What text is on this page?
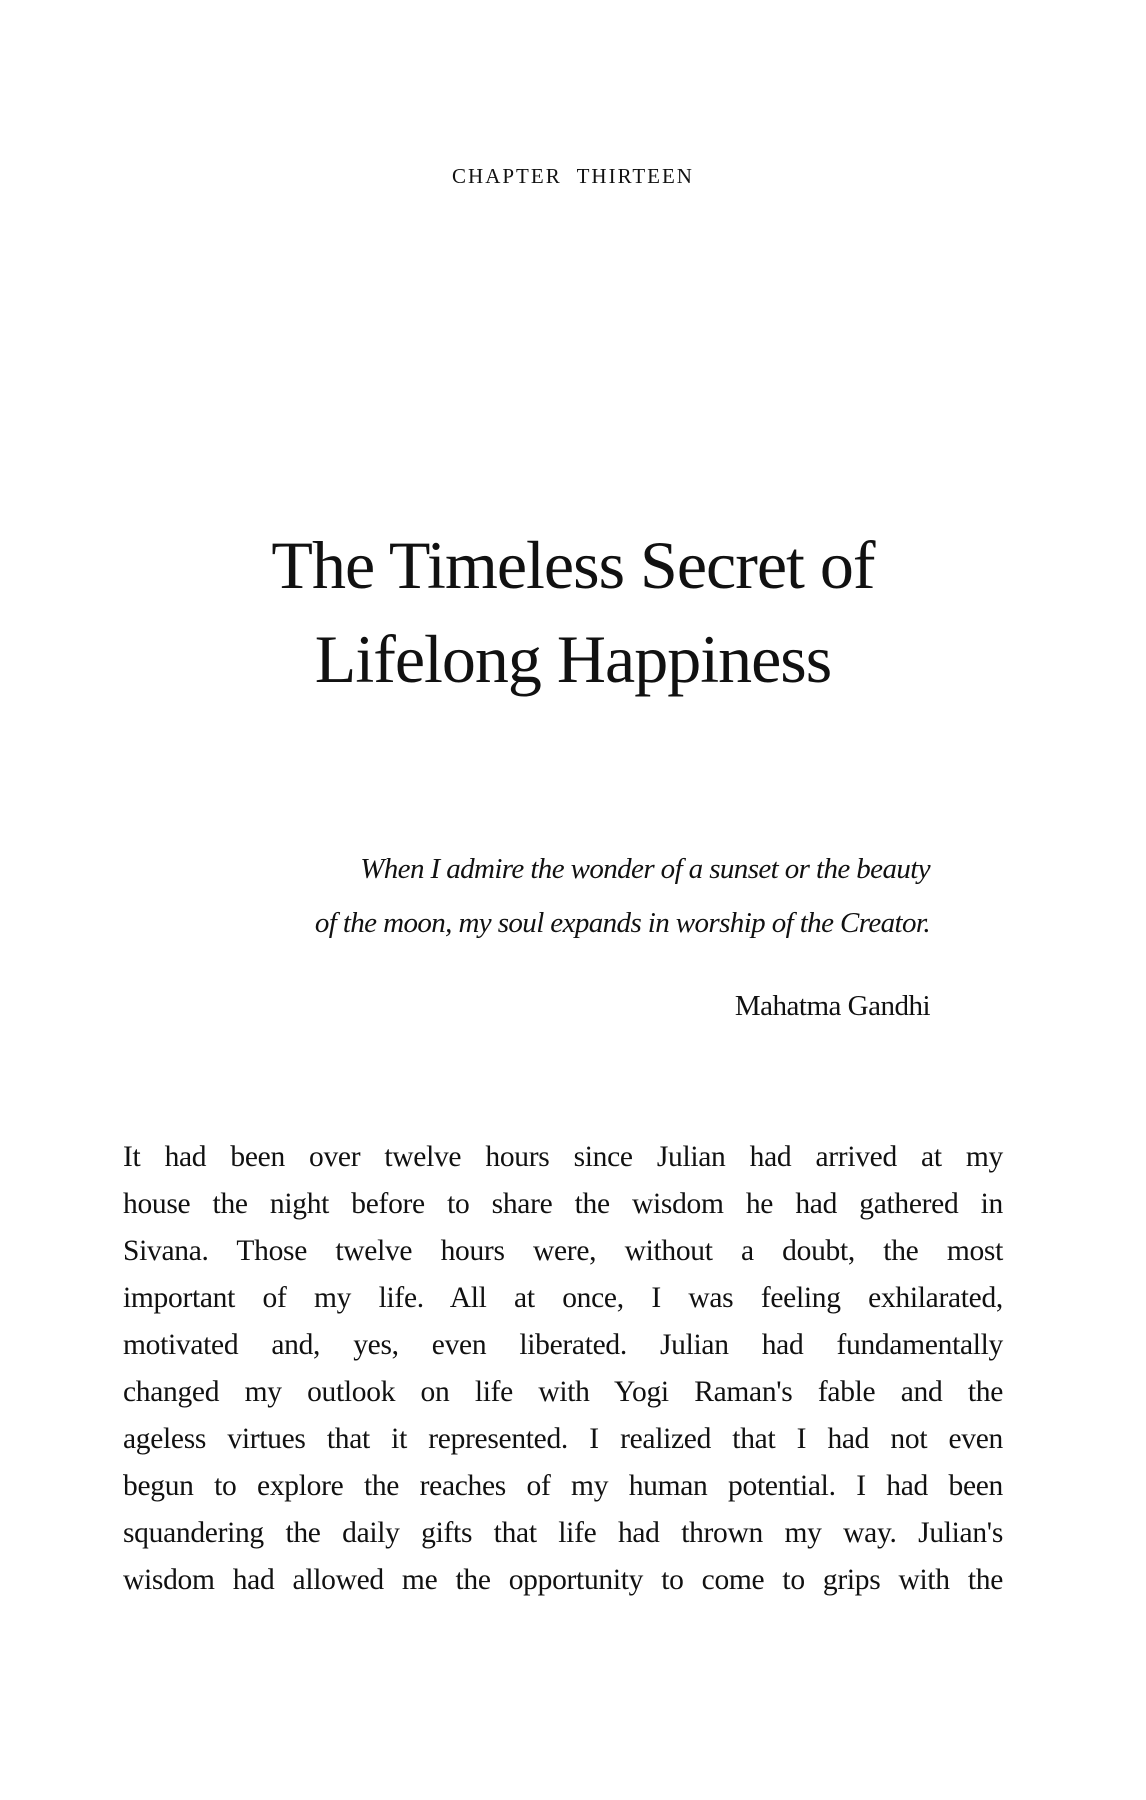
CHAPTER THIRTEEN
The Timeless Secret of
Lifelong Happiness
When I admire the wonder of a sunset or the beauty
of the moon, my soul expands in worship of the Creator.
Mahatma Gandhi
It had been over twelve hours since Julian had arrived at my
house the night before to share the wisdom he had gathered in
Sivana. Those twelve hours were, without a doubt, the most
important of my life. All at once, I was feeling exhilarated,
motivated and, yes, even liberated. Julian had fundamentally
changed my outlook on life with Yogi Raman's fable and the
ageless virtues that it represented. I realized that I had not even
begun to explore the reaches of my human potential. I had been
squandering the daily gifts that life had thrown my way. Julian's
wisdom had allowed me the opportunity to come to grips with the
